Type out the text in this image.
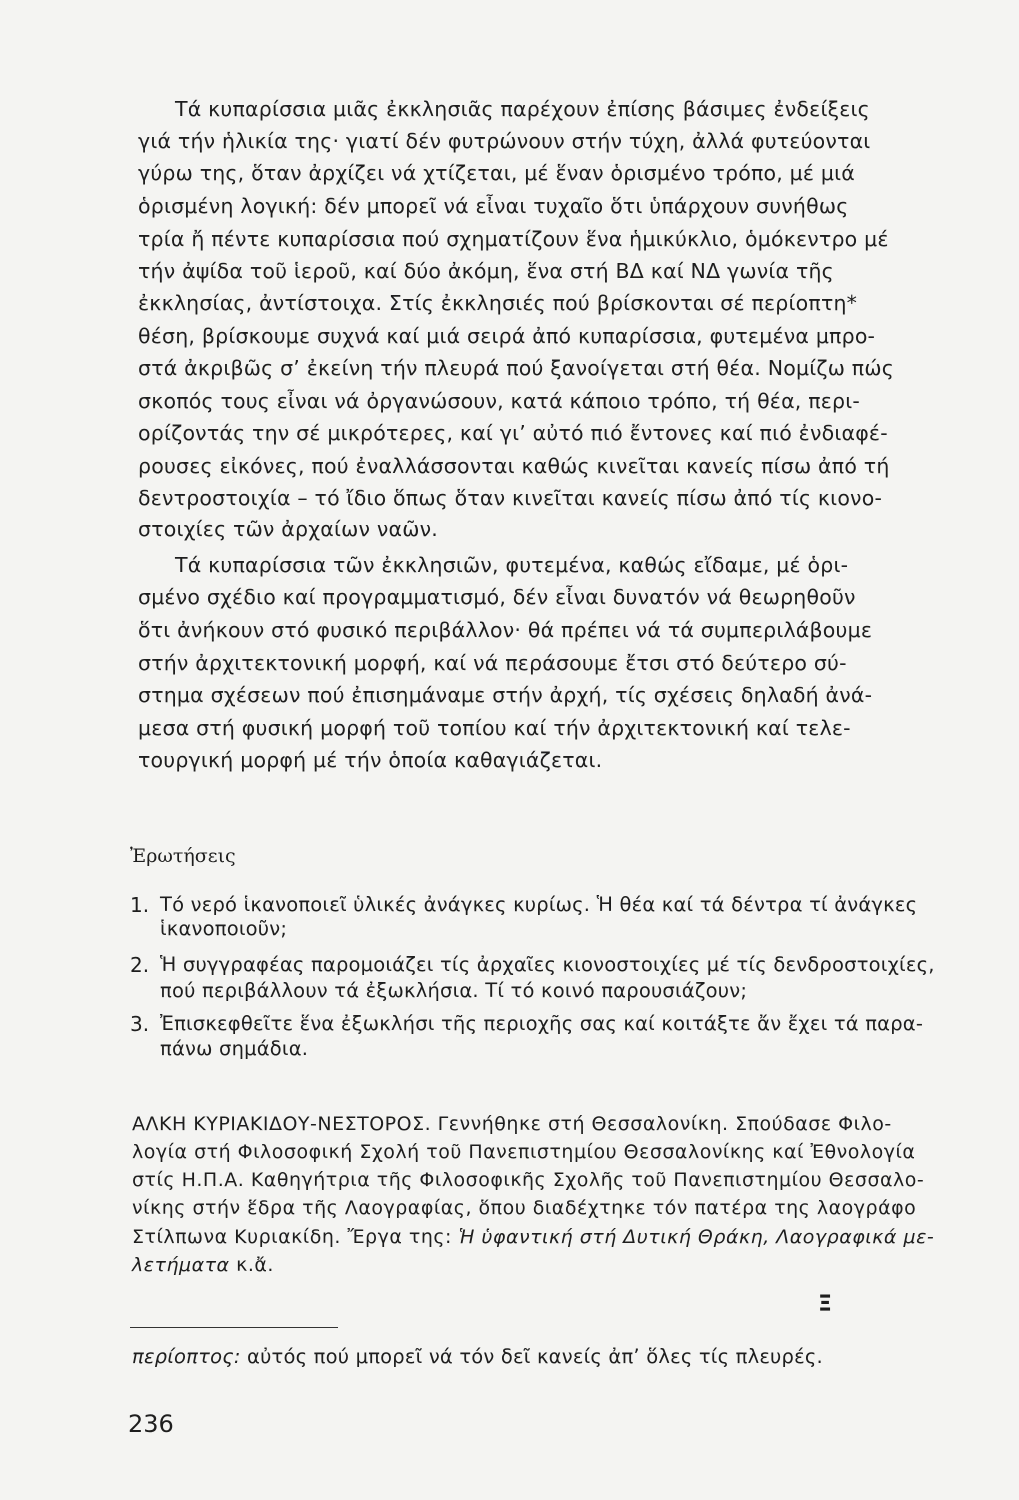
Τά κυπαρίσσια μιᾶς ἐκκλησιᾶς παρέχουν ἐπίσης βάσιμες ἐνδείξεις
γιά τήν ἡλικία της· γιατί δέν φυτρώνουν στήν τύχη, ἀλλά φυτεύονται
γύρω της, ὅταν ἀρχίζει νά χτίζεται, μέ ἕναν ὁρισμένο τρόπο, μέ μιά
ὁρισμένη λογική: δέν μπορεῖ νά εἶναι τυχαῖο ὅτι ὑπάρχουν συνήθως
τρία ἤ πέντε κυπαρίσσια πού σχηματίζουν ἕνα ἡμικύκλιο, ὁμόκεντρο μέ
τήν ἀψίδα τοῦ ἱεροῦ, καί δύο ἀκόμη, ἕνα στή ΒΔ καί ΝΔ γωνία τῆς
ἐκκλησίας, ἀντίστοιχα. Στίς ἐκκλησιές πού βρίσκονται σέ περίοπτη*
θέση, βρίσκουμε συχνά καί μιά σειρά ἀπό κυπαρίσσια, φυτεμένα μπρο-
στά ἀκριβῶς σ’ ἐκείνη τήν πλευρά πού ξανοίγεται στή θέα. Νομίζω πώς
σκοπός τους εἶναι νά ὀργανώσουν, κατά κάποιο τρόπο, τή θέα, περι-
ορίζοντάς την σέ μικρότερες, καί γι’ αὐτό πιό ἔντονες καί πιό ἐνδιαφέ-
ρουσες εἰκόνες, πού ἐναλλάσσονται καθώς κινεῖται κανείς πίσω ἀπό τή
δεντροστοιχία – τό ἴδιο ὅπως ὅταν κινεῖται κανείς πίσω ἀπό τίς κιονο-
στοιχίες τῶν ἀρχαίων ναῶν.
Τά κυπαρίσσια τῶν ἐκκλησιῶν, φυτεμένα, καθώς εἴδαμε, μέ ὁρι-
σμένο σχέδιο καί προγραμματισμό, δέν εἶναι δυνατόν νά θεωρηθοῦν
ὅτι ἀνήκουν στό φυσικό περιβάλλον· θά πρέπει νά τά συμπεριλάβουμε
στήν ἀρχιτεκτονική μορφή, καί νά περάσουμε ἔτσι στό δεύτερο σύ-
στημα σχέσεων πού ἐπισημάναμε στήν ἀρχή, τίς σχέσεις δηλαδή ἀνά-
μεσα στή φυσική μορφή τοῦ τοπίου καί τήν ἀρχιτεκτονική καί τελε-
τουργική μορφή μέ τήν ὁποία καθαγιάζεται.
Ἐρωτήσεις
1. Τό νερό ἱκανοποιεῖ ὑλικές ἀνάγκες κυρίως. Ἡ θέα καί τά δέντρα τί ἀνάγκες
ἱκανοποιοῦν;
2. Ἡ συγγραφέας παρομοιάζει τίς ἀρχαῖες κιονοστοιχίες μέ τίς δενδροστοιχίες,
πού περιβάλλουν τά ἐξωκλήσια. Τί τό κοινό παρουσιάζουν;
3. Ἐπισκεφθεῖτε ἕνα ἐξωκλήσι τῆς περιοχῆς σας καί κοιτάξτε ἄν ἔχει τά παρα-
πάνω σημάδια.
ΑΛΚΗ ΚΥΡΙΑΚΙΔΟΥ-ΝΕΣΤΟΡΟΣ. Γεννήθηκε στή Θεσσαλονίκη. Σπούδασε Φιλο-
λογία στή Φιλοσοφική Σχολή τοῦ Πανεπιστημίου Θεσσαλονίκης καί Ἐθνολογία
στίς Η.Π.Α. Καθηγήτρια τῆς Φιλοσοφικῆς Σχολῆς τοῦ Πανεπιστημίου Θεσσαλο-
νίκης στήν ἕδρα τῆς Λαογραφίας, ὅπου διαδέχτηκε τόν πατέρα της λαογράφο
Στίλπωνα Κυριακίδη. Ἔργα της: Ἡ ὑφαντική στή Δυτική Θράκη, Λαογραφικά με-
λετήματα κ.ἄ.
Ξ
περίοπτος: αὐτός πού μπορεῖ νά τόν δεῖ κανείς ἀπ’ ὅλες τίς πλευρές.
236
